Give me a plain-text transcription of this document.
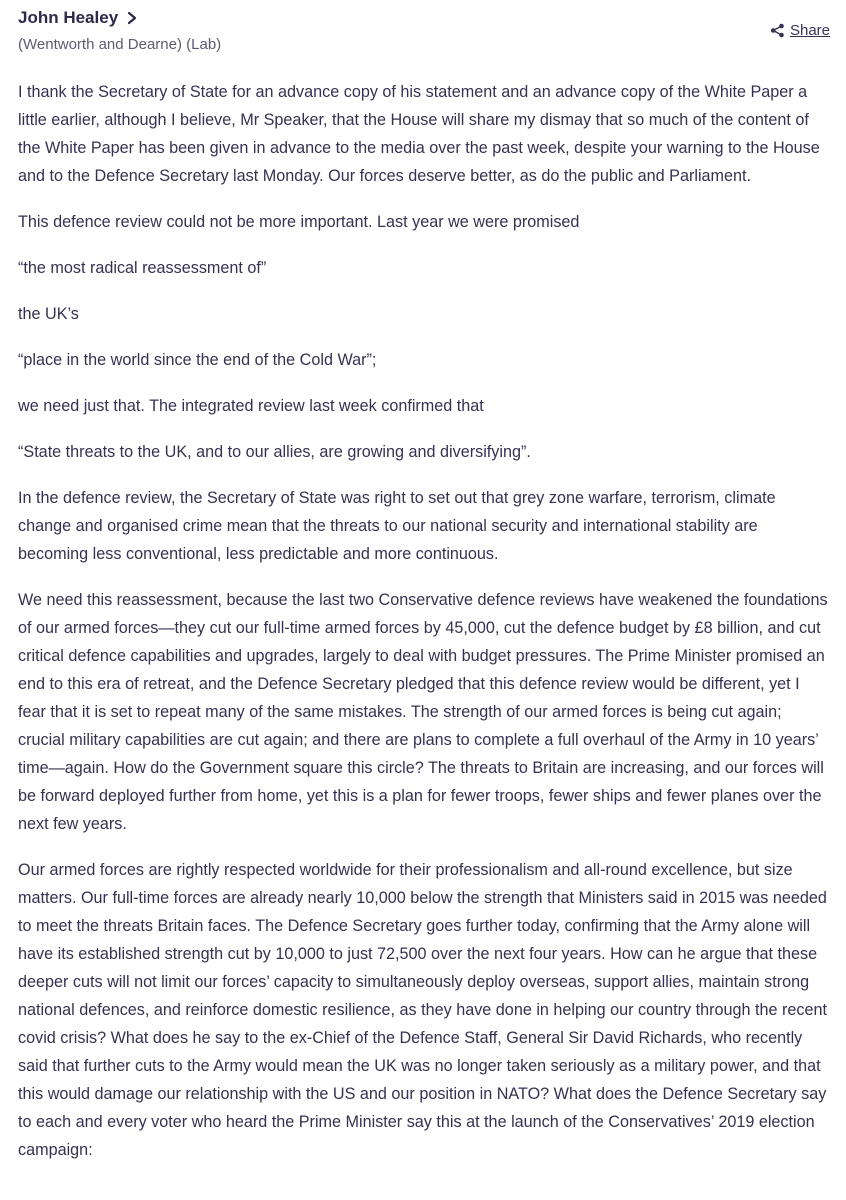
John Healey
(Wentworth and Dearne) (Lab)
Share

I thank the Secretary of State for an advance copy of his statement and an advance copy of the White Paper a little earlier, although I believe, Mr Speaker, that the House will share my dismay that so much of the content of the White Paper has been given in advance to the media over the past week, despite your warning to the House and to the Defence Secretary last Monday. Our forces deserve better, as do the public and Parliament.

This defence review could not be more important. Last year we were promised

“the most radical reassessment of”

the UK’s

“place in the world since the end of the Cold War”;

we need just that. The integrated review last week confirmed that

“State threats to the UK, and to our allies, are growing and diversifying”.

In the defence review, the Secretary of State was right to set out that grey zone warfare, terrorism, climate change and organised crime mean that the threats to our national security and international stability are becoming less conventional, less predictable and more continuous.

We need this reassessment, because the last two Conservative defence reviews have weakened the foundations of our armed forces—they cut our full-time armed forces by 45,000, cut the defence budget by £8 billion, and cut critical defence capabilities and upgrades, largely to deal with budget pressures. The Prime Minister promised an end to this era of retreat, and the Defence Secretary pledged that this defence review would be different, yet I fear that it is set to repeat many of the same mistakes. The strength of our armed forces is being cut again; crucial military capabilities are cut again; and there are plans to complete a full overhaul of the Army in 10 years’ time—again. How do the Government square this circle? The threats to Britain are increasing, and our forces will be forward deployed further from home, yet this is a plan for fewer troops, fewer ships and fewer planes over the next few years.

Our armed forces are rightly respected worldwide for their professionalism and all-round excellence, but size matters. Our full-time forces are already nearly 10,000 below the strength that Ministers said in 2015 was needed to meet the threats Britain faces. The Defence Secretary goes further today, confirming that the Army alone will have its established strength cut by 10,000 to just 72,500 over the next four years. How can he argue that these deeper cuts will not limit our forces’ capacity to simultaneously deploy overseas, support allies, maintain strong national defences, and reinforce domestic resilience, as they have done in helping our country through the recent covid crisis? What does he say to the ex-Chief of the Defence Staff, General Sir David Richards, who recently said that further cuts to the Army would mean the UK was no longer taken seriously as a military power, and that this would damage our relationship with the US and our position in NATO? What does the Defence Secretary say to each and every voter who heard the Prime Minister say this at the launch of the Conservatives’ 2019 election campaign:
